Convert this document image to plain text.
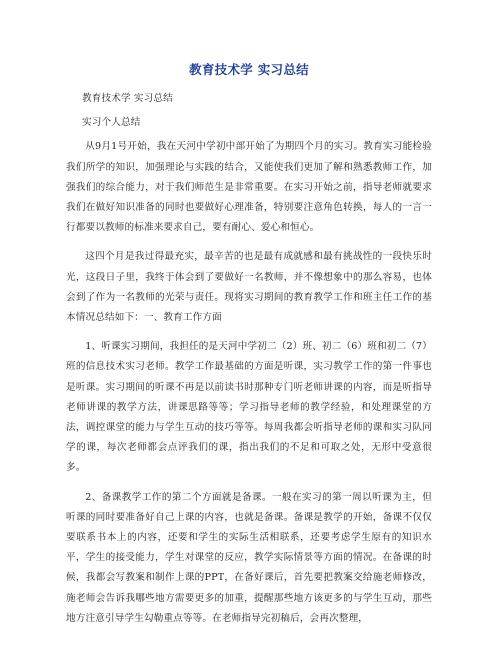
教育技术学 实习总结
教育技术学 实习总结
实习个人总结

从9月1号开始，我在天河中学初中部开始了为期四个月的实习。教育实习能检验我们所学的知识，加强理论与实践的结合，又能使我们更加了解和熟悉教师工作，加强我们的综合能力，对于我们师范生是非常重要。在实习开始之前，指导老师就要求我们在做好知识准备的同时也要做好心理准备，特别要注意角色转换，每人的一言一行都要以教师的标准来要求自己，要有耐心、爱心和恒心。

这四个月是我过得最充实，最辛苦的也是最有成就感和最有挑战性的一段快乐时光，这段日子里，我终于体会到了要做好一名教师，并不像想象中的那么容易，也体会到了作为一名教师的光荣与责任。现将实习期间的教育教学工作和班主任工作的基本情况总结如下：一、教育工作方面

1、听课实习期间，我担任的是天河中学初二（2）班、初二（6）班和初二（7）班的信息技术实习老师。教学工作最基础的方面是听课，实习教学工作的第一件事也是听课。实习期间的听课不再是以前读书时那种专门听老师讲课的内容，而是听指导老师讲课的教学方法，讲课思路等等；学习指导老师的教学经验，和处理课堂的方法，调控课堂的能力与学生互动的技巧等等。每周我都会听指导老师的课和实习队同学的课，每次老师都会点评我们的课，指出我们的不足和可取之处，无形中受意很多。

2、备课教学工作的第二个方面就是备课。一般在实习的第一周以听课为主，但听课的同时要准备好自己上课的内容，也就是备课。备课是教学的开始，备课不仅仅要联系书本上的内容，还要和学生的实际生活相联系，还要考虑学生原有的知识水平，学生的接受能力，学生对课堂的反应，教学实际情景等方面的情况。在备课的时候，我都会写教案和制作上课的PPT，在备好课后，首先要把教案交给施老师修改，施老师会告诉我哪些地方需要更多的加重，提醒那些地方该更多的与学生互动，那些地方注意引导学生勾勒重点等等。在老师指导完初稿后，会再次整理，
